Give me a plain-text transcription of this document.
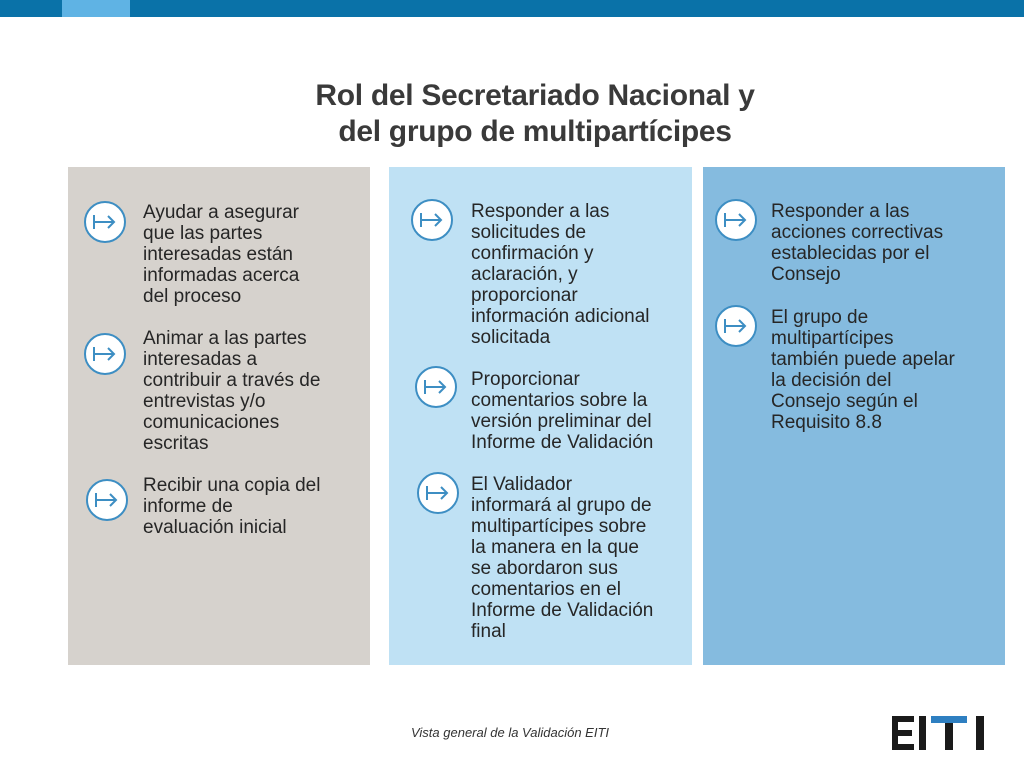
Rol del Secretariado Nacional y
del grupo de multipartícipes
Ayudar a asegurar
que las partes
interesadas están
informadas acerca
del proceso
Animar a las partes
interesadas a
contribuir a través de
entrevistas y/o
comunicaciones
escritas
Recibir una copia del
informe de
evaluación inicial
Responder a las
solicitudes de
confirmación y
aclaración, y
proporcionar
información adicional
solicitada
Proporcionar
comentarios sobre la
versión preliminar del
Informe de Validación
El Validador
informará al grupo de
multipartícipes sobre
la manera en la que
se abordaron sus
comentarios en el
Informe de Validación
final
Responder a las
acciones correctivas
establecidas por el
Consejo
El grupo de
multipartícipes
también puede apelar
la decisión del
Consejo según el
Requisito 8.8
Vista general de la Validación EITI
